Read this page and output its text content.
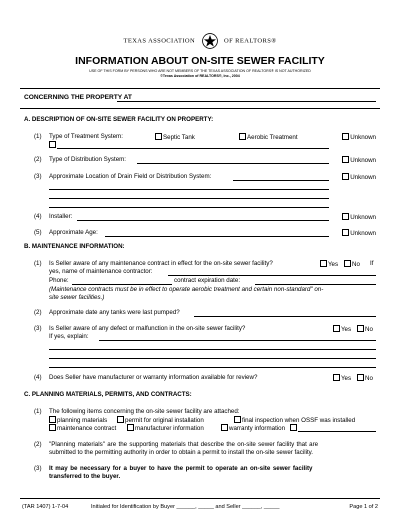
TEXAS ASSOCIATION	OF REALTORS®
INFORMATION ABOUT ON-SITE SEWER FACILITY
USE OF THIS FORM BY PERSONS WHO ARE NOT MEMBERS OF THE TEXAS ASSOCIATION OF REALTORS® IS NOT AUTHORIZED
©Texas Association of REALTORS®, Inc., 2004
CONCERNING THE PROPERTY AT
A. DESCRIPTION OF ON-SITE SEWER FACILITY ON PROPERTY:
(1) Type of Treatment System:	Septic Tank	Aerobic Treatment	Unknown
(2) Type of Distribution System:	Unknown
(3) Approximate Location of Drain Field or Distribution System:	Unknown
(4) Installer:	Unknown
(5) Approximate Age:	Unknown
B. MAINTENANCE INFORMATION:
(1) Is Seller aware of any maintenance contract in effect for the on-site sewer facility?	Yes	No If
yes, name of maintenance contractor:
Phone:	contract expiration date:
(Maintenance contracts must be in effect to operate aerobic treatment and certain non-standard" on-
site sewer facilities.)
(2) Approximate date any tanks were last pumped?
(3) Is Seller aware of any defect or malfunction in the on-site sewer facility?	Yes	No
If yes, explain:
(4) Does Seller have manufacturer or warranty information available for review?	Yes	No
C. PLANNING MATERIALS, PERMITS, AND CONTRACTS:
(1) The following items concerning the on-site sewer facility are attached:
planning materials	permit for original installation	final inspection when OSSF was installed
maintenance contract	manufacturer information	warranty information
(2) "Planning materials" are the supporting materials that describe the on-site sewer facility that are
submitted to the permitting authority in order to obtain a permit to install the on-site sewer facility.
(3) It may be necessary for a buyer to have the permit to operate an on-site sewer facility
transferred to the buyer.
(TAR 1407) 1-7-04	Initialed for Identification by Buyer ______, _____ and Seller ______, _____	Page 1 of 2
